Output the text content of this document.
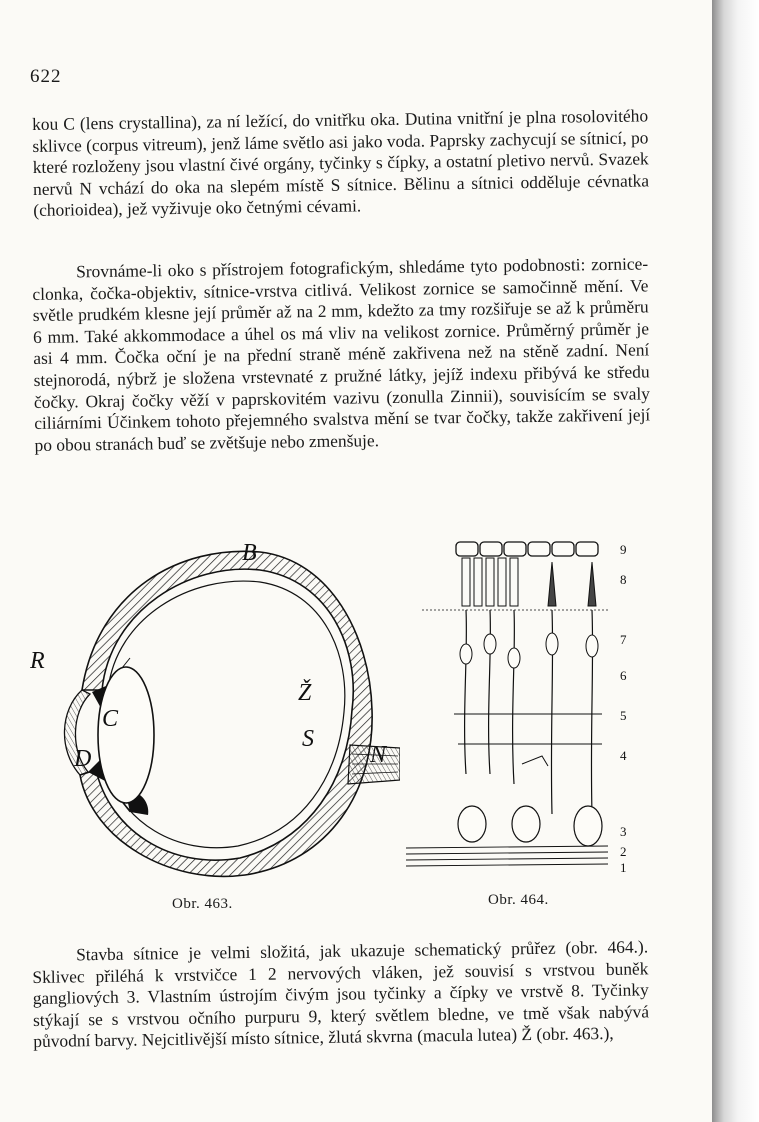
622

kou C (lens crystallina), za ní ležící, do vnitřku oka. Dutina vnitřní je plna rosolovitého sklivce (corpus vitreum), jenž láme světlo asi jako voda. Paprsky zachycují se sítnicí, po které rozloženy jsou vlastní čivé orgány, tyčinky s čípky, a ostatní pletivo nervů. Svazek nervů N vchází do oka na slepém místě S sítnice. Bělinu a sítnici odděluje cévnatka (chorioidea), jež vyživuje oko četnými cévami.

Srovnáme-li oko s přístrojem fotografickým, shledáme tyto podobnosti: zornice-clonka, čočka-objektiv, sítnice-vrstva citlivá. Velikost zornice se samočinně mění. Ve světle prudkém klesne její průměr až na 2 mm, kdežto za tmy rozšiřuje se až k průměru 6 mm. Také akkommodace a úhel os má vliv na velikost zornice. Průměrný průměr je asi 4 mm. Čočka oční je na přední straně méně zakřivena než na stěně zadní. Není stejnorodá, nýbrž je složena vrstevnaté z pružné látky, jejíž indexu přibývá ke středu čočky. Okraj čočky věží v paprskovitém vazivu (zonulla Zinnii), souvisícím se svaly ciliárními Účinkem tohoto přejemného svalstva mění se tvar čočky, takže zakřivení její po obou stranách buď se zvětšuje nebo zmenšuje.

B
R
C
D
Ž
S
N
Obr. 463.
9
8
7
6
5
4
3
2
1
Obr. 464.

Stavba sítnice je velmi složitá, jak ukazuje schematický průřez (obr. 464.). Sklivec přiléhá k vrstvičce 1 2 nervových vláken, jež souvisí s vrstvou buněk gangliových 3. Vlastním ústrojím čivým jsou tyčinky a čípky ve vrstvě 8. Tyčinky stýkají se s vrstvou očního purpuru 9, který světlem bledne, ve tmě však nabývá původní barvy. Nejcitlivější místo sítnice, žlutá skvrna (macula lutea) Ž (obr. 463.),
